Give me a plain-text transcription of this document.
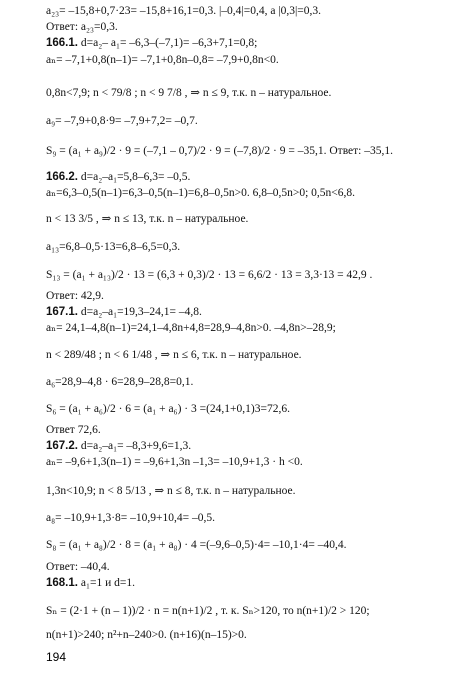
a₂₃= –15,8+0,7·23= –15,8+16,1=0,3. |–0,4|=0,4, а |0,3|=0,3.
Ответ: a₂₃=0,3.
166.1. d=a₂– a₁= –6,3–(–7,1)= –6,3+7,1=0,8;
aₙ= –7,1+0,8(n–1)= –7,1+0,8n–0,8= –7,9+0,8n<0.
0,8n<7,9; n < 79/8 ; n < 9 7/8 , ⇒ n ≤ 9, т.к. n – натуральное.
a₉= –7,9+0,8·9= –7,9+7,2= –0,7.
S₉ = (a₁ + a₉)/2 · 9 = (–7,1 – 0,7)/2 · 9 = (–7,8)/2 · 9 = –35,1. Ответ: –35,1.
166.2. d=a₂–a₁=5,8–6,3= –0,5.
aₙ=6,3–0,5(n–1)=6,3–0,5(n–1)=6,8–0,5n>0. 6,8–0,5n>0; 0,5n<6,8.
n < 13 3/5 , ⇒ n ≤ 13, т.к. n – натуральное.
a₁₃=6,8–0,5·13=6,8–6,5=0,3.
S₁₃ = (a₁ + a₁₃)/2 · 13 = (6,3 + 0,3)/2 · 13 = 6,6/2 · 13 = 3,3·13 = 42,9 .
Ответ: 42,9.
167.1. d=a₂–a₁=19,3–24,1= –4,8.
aₙ= 24,1–4,8(n–1)=24,1–4,8n+4,8=28,9–4,8n>0. –4,8n>–28,9;
n < 289/48 ; n < 6 1/48 , ⇒ n ≤ 6, т.к. n – натуральное.
a₆=28,9–4,8 · 6=28,9–28,8=0,1.
S₆ = (a₁ + a₆)/2 · 6 = (a₁ + a₆) · 3 =(24,1+0,1)3=72,6.
Ответ 72,6.
167.2. d=a₂–a₁= –8,3+9,6=1,3.
aₙ= –9,6+1,3(n–1) = –9,6+1,3n –1,3= –10,9+1,3 · h <0.
1,3n<10,9; n < 8 5/13 , ⇒ n ≤ 8, т.к. n – натуральное.
a₈= –10,9+1,3·8= –10,9+10,4= –0,5.
S₈ = (a₁ + a₈)/2 · 8 = (a₁ + a₈) · 4 =(–9,6–0,5)·4= –10,1·4= –40,4.
Ответ: –40,4.
168.1. a₁=1 и d=1.
Sₙ = (2·1 + (n – 1))/2 · n = n(n+1)/2 , т. к. Sₙ>120, то n(n+1)/2 > 120;
n(n+1)>240; n²+n–240>0. (n+16)(n–15)>0.
194
